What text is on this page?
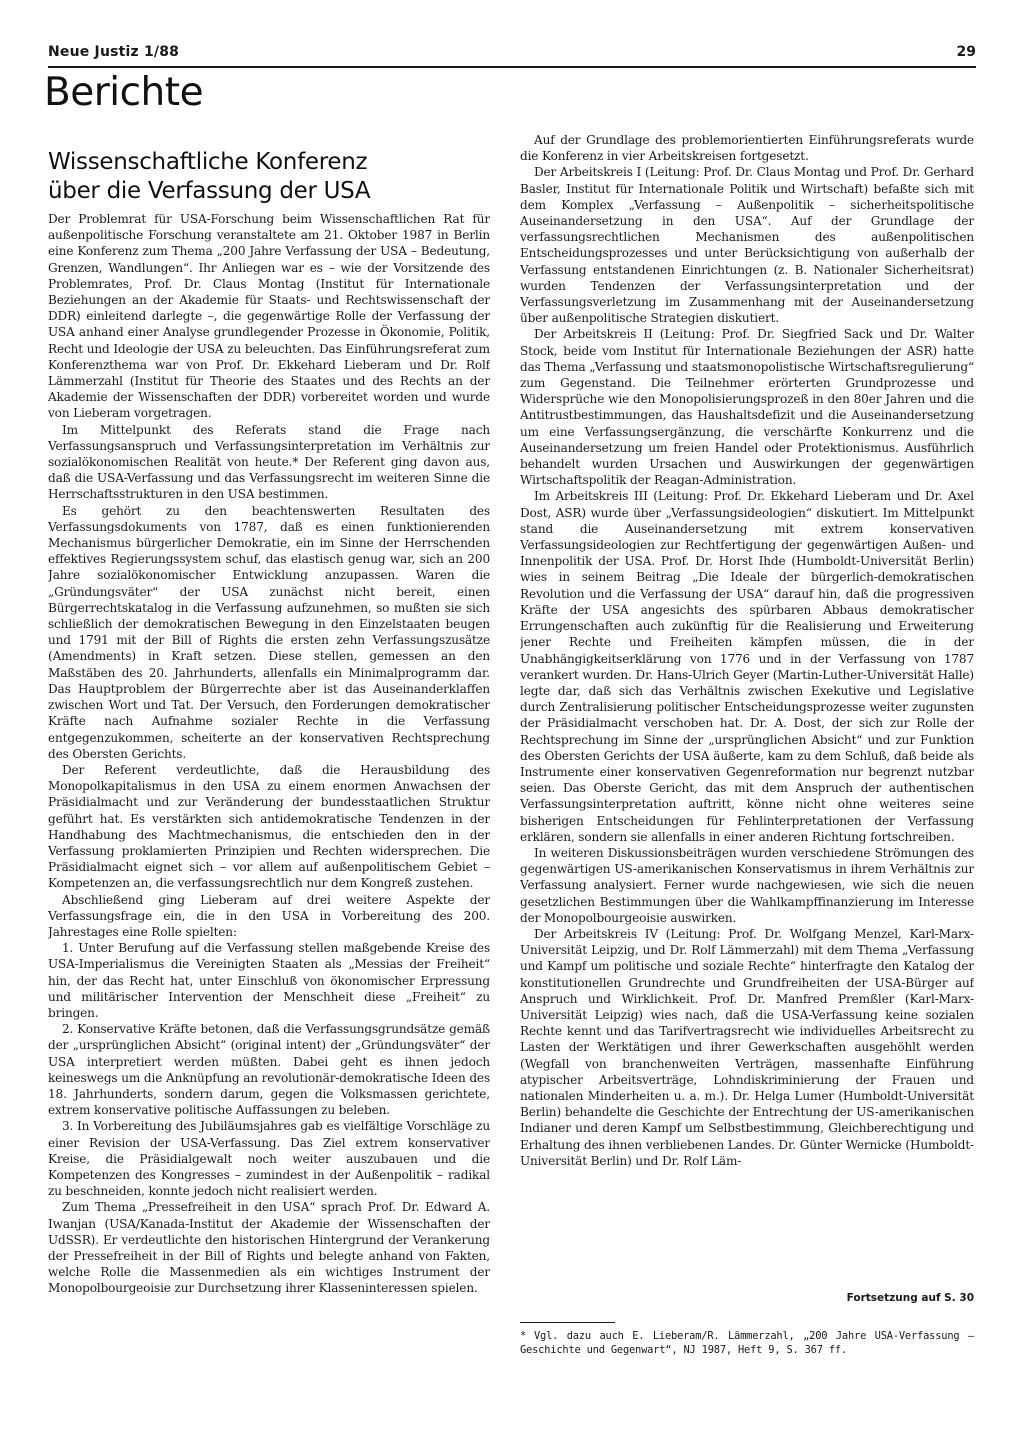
Neue Justiz 1/88	29
Berichte
Wissenschaftliche Konferenz
über die Verfassung der USA

Der Problemrat für USA-Forschung beim Wissenschaftlichen Rat für außenpolitische Forschung veranstaltete am 21. Oktober 1987 in Berlin eine Konferenz zum Thema „200 Jahre Verfassung der USA – Bedeutung, Grenzen, Wandlungen“. Ihr Anliegen war es – wie der Vorsitzende des Problemrates, Prof. Dr. Claus Montag (Institut für Internationale Beziehungen an der Akademie für Staats- und Rechtswissenschaft der DDR) einleitend darlegte –, die gegenwärtige Rolle der Verfassung der USA anhand einer Analyse grundlegender Prozesse in Ökonomie, Politik, Recht und Ideologie der USA zu beleuchten. Das Einführungsreferat zum Konferenzthema war von Prof. Dr. Ekkehard Lieberam und Dr. Rolf Lämmerzahl (Institut für Theorie des Staates und des Rechts an der Akademie der Wissenschaften der DDR) vorbereitet worden und wurde von Lieberam vorgetragen.

Im Mittelpunkt des Referats stand die Frage nach Verfassungsanspruch und Verfassungsinterpretation im Verhältnis zur sozialökonomischen Realität von heute.* Der Referent ging davon aus, daß die USA-Verfassung und das Verfassungsrecht im weiteren Sinne die Herrschaftsstrukturen in den USA bestimmen.

Es gehört zu den beachtenswerten Resultaten des Verfassungsdokuments von 1787, daß es einen funktionierenden Mechanismus bürgerlicher Demokratie, ein im Sinne der Herrschenden effektives Regierungssystem schuf, das elastisch genug war, sich an 200 Jahre sozialökonomischer Entwicklung anzupassen. Waren die „Gründungsväter“ der USA zunächst nicht bereit, einen Bürgerrechtskatalog in die Verfassung aufzunehmen, so mußten sie sich schließlich der demokratischen Bewegung in den Einzelstaaten beugen und 1791 mit der Bill of Rights die ersten zehn Verfassungszusätze (Amendments) in Kraft setzen. Diese stellen, gemessen an den Maßstäben des 20. Jahrhunderts, allenfalls ein Minimalprogramm dar. Das Hauptproblem der Bürgerrechte aber ist das Auseinanderklaffen zwischen Wort und Tat. Der Versuch, den Forderungen demokratischer Kräfte nach Aufnahme sozialer Rechte in die Verfassung entgegenzukommen, scheiterte an der konservativen Rechtsprechung des Obersten Gerichts.

Der Referent verdeutlichte, daß die Herausbildung des Monopolkapitalismus in den USA zu einem enormen Anwachsen der Präsidialmacht und zur Veränderung der bundesstaatlichen Struktur geführt hat. Es verstärkten sich antidemokratische Tendenzen in der Handhabung des Machtmechanismus, die entschieden den in der Verfassung proklamierten Prinzipien und Rechten widersprechen. Die Präsidialmacht eignet sich – vor allem auf außenpolitischem Gebiet – Kompetenzen an, die verfassungsrechtlich nur dem Kongreß zustehen.

Abschließend ging Lieberam auf drei weitere Aspekte der Verfassungsfrage ein, die in den USA in Vorbereitung des 200. Jahrestages eine Rolle spielten:

1. Unter Berufung auf die Verfassung stellen maßgebende Kreise des USA-Imperialismus die Vereinigten Staaten als „Messias der Freiheit“ hin, der das Recht hat, unter Einschluß von ökonomischer Erpressung und militärischer Intervention der Menschheit diese „Freiheit“ zu bringen.

2. Konservative Kräfte betonen, daß die Verfassungsgrundsätze gemäß der „ursprünglichen Absicht“ (original intent) der „Gründungsväter“ der USA interpretiert werden müßten. Dabei geht es ihnen jedoch keineswegs um die Anknüpfung an revolutionär-demokratische Ideen des 18. Jahrhunderts, sondern darum, gegen die Volksmassen gerichtete, extrem konservative politische Auffassungen zu beleben.

3. In Vorbereitung des Jubiläumsjahres gab es vielfältige Vorschläge zu einer Revision der USA-Verfassung. Das Ziel extrem konservativer Kreise, die Präsidialgewalt noch weiter auszubauen und die Kompetenzen des Kongresses – zumindest in der Außenpolitik – radikal zu beschneiden, konnte jedoch nicht realisiert werden.

Zum Thema „Pressefreiheit in den USA“ sprach Prof. Dr. Edward A. Iwanjan (USA/Kanada-Institut der Akademie der Wissenschaften der UdSSR). Er verdeutlichte den historischen Hintergrund der Verankerung der Pressefreiheit in der Bill of Rights und belegte anhand von Fakten, welche Rolle die Massenmedien als ein wichtiges Instrument der Monopolbourgeoisie zur Durchsetzung ihrer Klasseninteressen spielen.

Auf der Grundlage des problemorientierten Einführungsreferats wurde die Konferenz in vier Arbeitskreisen fortgesetzt.

Der Arbeitskreis I (Leitung: Prof. Dr. Claus Montag und Prof. Dr. Gerhard Basler, Institut für Internationale Politik und Wirtschaft) befaßte sich mit dem Komplex „Verfassung – Außenpolitik – sicherheitspolitische Auseinandersetzung in den USA“. Auf der Grundlage der verfassungsrechtlichen Mechanismen des außenpolitischen Entscheidungsprozesses und unter Berücksichtigung von außerhalb der Verfassung entstandenen Einrichtungen (z. B. Nationaler Sicherheitsrat) wurden Tendenzen der Verfassungsinterpretation und der Verfassungsverletzung im Zusammenhang mit der Auseinandersetzung über außenpolitische Strategien diskutiert.

Der Arbeitskreis II (Leitung: Prof. Dr. Siegfried Sack und Dr. Walter Stock, beide vom Institut für Internationale Beziehungen der ASR) hatte das Thema „Verfassung und staatsmonopolistische Wirtschaftsregulierung“ zum Gegenstand. Die Teilnehmer erörterten Grundprozesse und Widersprüche wie den Monopolisierungsprozeß in den 80er Jahren und die Antitrustbestimmungen, das Haushaltsdefizit und die Auseinandersetzung um eine Verfassungsergänzung, die verschärfte Konkurrenz und die Auseinandersetzung um freien Handel oder Protektionismus. Ausführlich behandelt wurden Ursachen und Auswirkungen der gegenwärtigen Wirtschaftspolitik der Reagan-Administration.

Im Arbeitskreis III (Leitung: Prof. Dr. Ekkehard Lieberam und Dr. Axel Dost, ASR) wurde über „Verfassungsideologien“ diskutiert. Im Mittelpunkt stand die Auseinandersetzung mit extrem konservativen Verfassungsideologien zur Rechtfertigung der gegenwärtigen Außen- und Innenpolitik der USA. Prof. Dr. Horst Ihde (Humboldt-Universität Berlin) wies in seinem Beitrag „Die Ideale der bürgerlich-demokratischen Revolution und die Verfassung der USA“ darauf hin, daß die progressiven Kräfte der USA angesichts des spürbaren Abbaus demokratischer Errungenschaften auch zukünftig für die Realisierung und Erweiterung jener Rechte und Freiheiten kämpfen müssen, die in der Unabhängigkeitserklärung von 1776 und in der Verfassung von 1787 verankert wurden. Dr. Hans-Ulrich Geyer (Martin-Luther-Universität Halle) legte dar, daß sich das Verhältnis zwischen Exekutive und Legislative durch Zentralisierung politischer Entscheidungsprozesse weiter zugunsten der Präsidialmacht verschoben hat. Dr. A. Dost, der sich zur Rolle der Rechtsprechung im Sinne der „ursprünglichen Absicht“ und zur Funktion des Obersten Gerichts der USA äußerte, kam zu dem Schluß, daß beide als Instrumente einer konservativen Gegenreformation nur begrenzt nutzbar seien. Das Oberste Gericht, das mit dem Anspruch der authentischen Verfassungsinterpretation auftritt, könne nicht ohne weiteres seine bisherigen Entscheidungen für Fehlinterpretationen der Verfassung erklären, sondern sie allenfalls in einer anderen Richtung fortschreiben.

In weiteren Diskussionsbeiträgen wurden verschiedene Strömungen des gegenwärtigen US-amerikanischen Konservatismus in ihrem Verhältnis zur Verfassung analysiert. Ferner wurde nachgewiesen, wie sich die neuen gesetzlichen Bestimmungen über die Wahlkampffinanzierung im Interesse der Monopolbourgeoisie auswirken.

Der Arbeitskreis IV (Leitung: Prof. Dr. Wolfgang Menzel, Karl-Marx-Universität Leipzig, und Dr. Rolf Lämmerzahl) mit dem Thema „Verfassung und Kampf um politische und soziale Rechte“ hinterfragte den Katalog der konstitutionellen Grundrechte und Grundfreiheiten der USA-Bürger auf Anspruch und Wirklichkeit. Prof. Dr. Manfred Premßler (Karl-Marx-Universität Leipzig) wies nach, daß die USA-Verfassung keine sozialen Rechte kennt und das Tarifvertragsrecht wie individuelles Arbeitsrecht zu Lasten der Werktätigen und ihrer Gewerkschaften ausgehöhlt werden (Wegfall von branchenweiten Verträgen, massenhafte Einführung atypischer Arbeitsverträge, Lohndiskriminierung der Frauen und nationalen Minderheiten u. a. m.). Dr. Helga Lumer (Humboldt-Universität Berlin) behandelte die Geschichte der Entrechtung der US-amerikanischen Indianer und deren Kampf um Selbstbestimmung, Gleichberechtigung und Erhaltung des ihnen verbliebenen Landes. Dr. Günter Wernicke (Humboldt-Universität Berlin) und Dr. Rolf Läm-

Fortsetzung auf S. 30
* Vgl. dazu auch E. Lieberam/R. Lämmerzahl, „200 Jahre USA-Verfassung – Geschichte und Gegenwart“, NJ 1987, Heft 9, S. 367 ff.
